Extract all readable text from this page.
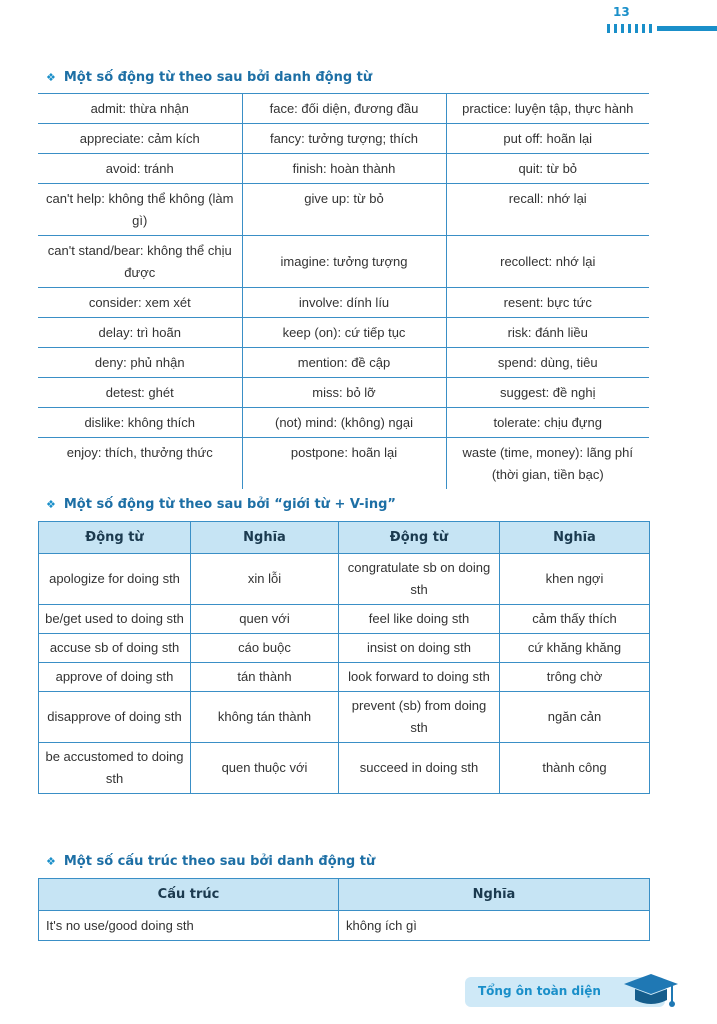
13
❖ Một số động từ theo sau bởi danh động từ
admit: thừa nhận	face: đối diện, đương đầu	practice: luyện tập, thực hành
appreciate: cảm kích	fancy: tưởng tượng; thích	put off: hoãn lại
avoid: tránh	finish: hoàn thành	quit: từ bỏ
can't help: không thể không (làm gì)	give up: từ bỏ	recall: nhớ lại
can't stand/bear: không thể chịu được	imagine: tưởng tượng	recollect: nhớ lại
consider: xem xét	involve: dính líu	resent: bực tức
delay: trì hoãn	keep (on): cứ tiếp tục	risk: đánh liều
deny: phủ nhận	mention: đề cập	spend: dùng, tiêu
detest: ghét	miss: bỏ lỡ	suggest: đề nghị
dislike: không thích	(not) mind: (không) ngại	tolerate: chịu đựng
enjoy: thích, thưởng thức	postpone: hoãn lại	waste (time, money): lãng phí (thời gian, tiền bạc)
❖ Một số động từ theo sau bởi “giới từ + V-ing”
Động từ	Nghĩa	Động từ	Nghĩa
apologize for doing sth	xin lỗi	congratulate sb on doing sth	khen ngợi
be/get used to doing sth	quen với	feel like doing sth	cảm thấy thích
accuse sb of doing sth	cáo buộc	insist on doing sth	cứ khăng khăng
approve of doing sth	tán thành	look forward to doing sth	trông chờ
disapprove of doing sth	không tán thành	prevent (sb) from doing sth	ngăn cản
be accustomed to doing sth	quen thuộc với	succeed in doing sth	thành công
❖ Một số cấu trúc theo sau bởi danh động từ
Cấu trúc	Nghĩa
It's no use/good doing sth	không ích gì
Tổng ôn toàn diện
